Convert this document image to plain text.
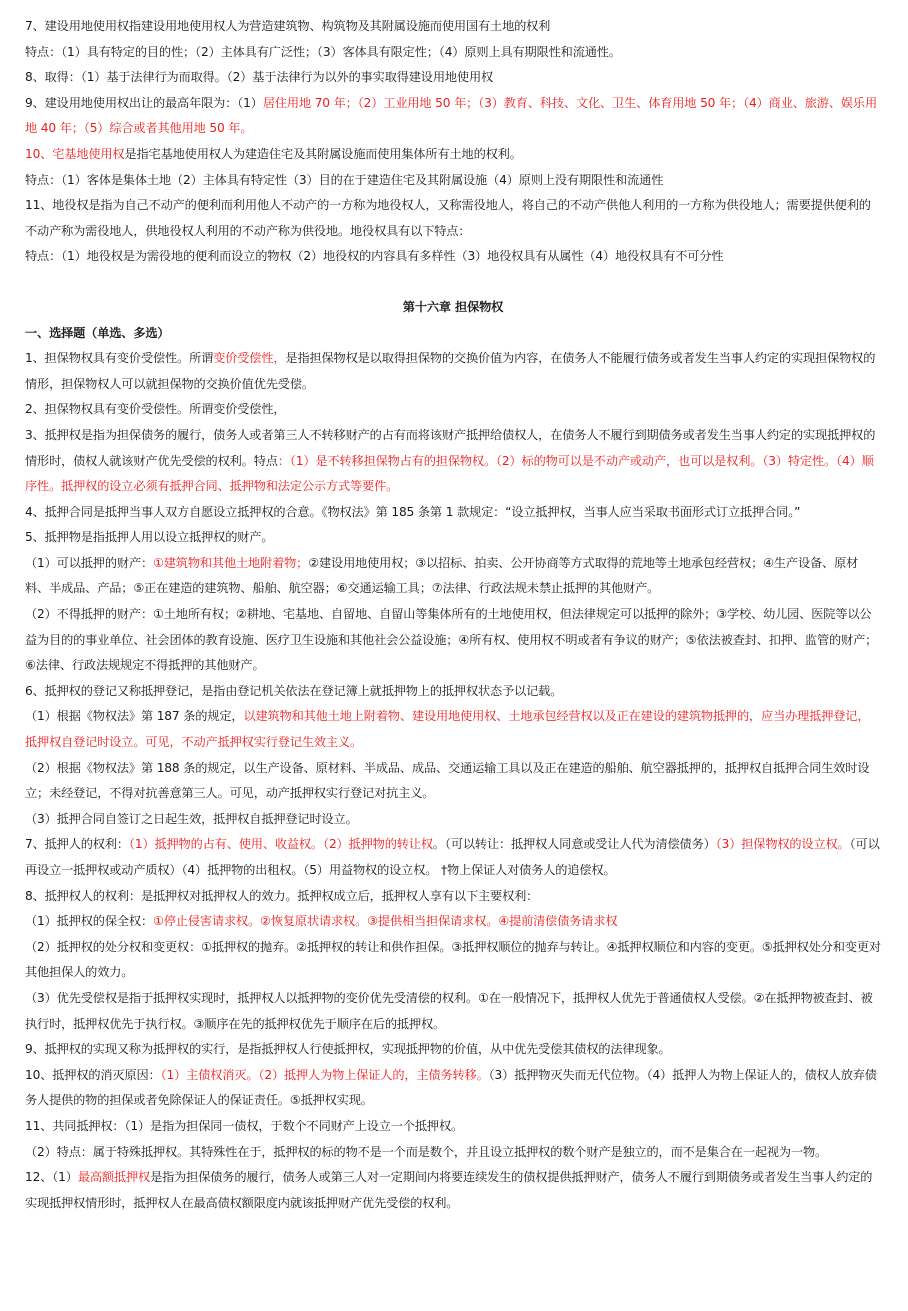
7、建设用地使用权指建设用地使用权人为营造建筑物、构筑物及其附属设施而使用国有土地的权利
特点：（1）具有特定的目的性；（2）主体具有广泛性；（3）客体具有限定性；（4）原则上具有期限性和流通性。
8、取得：（1）基于法律行为而取得。（2）基于法律行为以外的事实取得建设用地使用权
9、建设用地使用权出让的最高年限为：（1）居住用地 70 年；（2）工业用地 50 年；（3）教育、科技、文化、卫生、体育用地 50 年；（4）商业、旅游、娱乐用地 40 年；（5）综合或者其他用地 50 年。
10、宅基地使用权是指宅基地使用权人为建造住宅及其附属设施而使用集体所有土地的权利。
特点：（1）客体是集体土地（2）主体具有特定性（3）目的在于建造住宅及其附属设施（4）原则上没有期限性和流通性
11、地役权是指为自己不动产的便利而利用他人不动产的一方称为地役权人，又称需役地人，将自己的不动产供他人利用的一方称为供役地人；需要提供便利的不动产称为需役地人，供地役权人利用的不动产称为供役地。地役权具有以下特点：
特点：（1）地役权是为需役地的便利而设立的物权（2）地役权的内容具有多样性（3）地役权具有从属性（4）地役权具有不可分性
第十六章 担保物权
一、选择题（单选、多选）
1、担保物权具有变价受偿性。所谓变价受偿性，是指担保物权是以取得担保物的交换价值为内容，在债务人不能履行债务或者发生当事人约定的实现担保物权的情形，担保物权人可以就担保物的交换价值优先受偿。
2、担保物权具有变价受偿性。所谓变价受偿性，
3、抵押权是指为担保债务的履行，债务人或者第三人不转移财产的占有而将该财产抵押给债权人，在债务人不履行到期债务或者发生当事人约定的实现抵押权的情形时，债权人就该财产优先受偿的权利。特点：（1）是不转移担保物占有的担保物权。（2）标的物可以是不动产或动产，也可以是权利。（3）特定性。（4）顺序性。抵押权的设立必须有抵押合同、抵押物和法定公示方式等要件。
4、抵押合同是抵押当事人双方自愿设立抵押权的合意。《物权法》第 185 条第 1 款规定：“设立抵押权，当事人应当采取书面形式订立抵押合同。”
5、抵押物是指抵押人用以设立抵押权的财产。
（1）可以抵押的财产：①建筑物和其他土地附着物；②建设用地使用权；③以招标、拍卖、公开协商等方式取得的荒地等土地承包经营权；④生产设备、原材料、半成品、产品；⑤正在建造的建筑物、船舶、航空器；⑥交通运输工具；⑦法律、行政法规未禁止抵押的其他财产。
（2）不得抵押的财产：①土地所有权；②耕地、宅基地、自留地、自留山等集体所有的土地使用权，但法律规定可以抵押的除外；③学校、幼儿园、医院等以公益为目的的事业单位、社会团体的教育设施、医疗卫生设施和其他社会公益设施；④所有权、使用权不明或者有争议的财产；⑤依法被查封、扣押、监管的财产；⑥法律、行政法规规定不得抵押的其他财产。
6、抵押权的登记又称抵押登记，是指由登记机关依法在登记簿上就抵押物上的抵押权状态予以记载。
（1）根据《物权法》第 187 条的规定，以建筑物和其他土地上附着物、建设用地使用权、土地承包经营权以及正在建设的建筑物抵押的，应当办理抵押登记，抵押权自登记时设立。可见，不动产抵押权实行登记生效主义。
（2）根据《物权法》第 188 条的规定，以生产设备、原材料、半成品、成品、交通运输工具以及正在建造的船舶、航空器抵押的，抵押权自抵押合同生效时设立；未经登记，不得对抗善意第三人。可见，动产抵押权实行登记对抗主义。
（3）抵押合同自签订之日起生效，抵押权自抵押登记时设立。
7、抵押人的权利：（1）抵押物的占有、使用、收益权。（2）抵押物的转让权。（可以转让：抵押权人同意或受让人代为清偿债务）（3）担保物权的设立权。（可以再设立一抵押权或动产质权）（4）抵押物的出租权。（5）用益物权的设立权。 †物上保证人对债务人的追偿权。
8、抵押权人的权利：是抵押权对抵押权人的效力。抵押权成立后，抵押权人享有以下主要权利：
（1）抵押权的保全权：①停止侵害请求权。②恢复原状请求权。③提供相当担保请求权。④提前清偿债务请求权
（2）抵押权的处分权和变更权：①抵押权的抛弃。②抵押权的转让和供作担保。③抵押权顺位的抛弃与转让。④抵押权顺位和内容的变更。⑤抵押权处分和变更对其他担保人的效力。
（3）优先受偿权是指于抵押权实现时，抵押权人以抵押物的变价优先受清偿的权利。①在一般情况下，抵押权人优先于普通债权人受偿。②在抵押物被查封、被执行时，抵押权优先于执行权。③顺序在先的抵押权优先于顺序在后的抵押权。
9、抵押权的实现又称为抵押权的实行，是指抵押权人行使抵押权，实现抵押物的价值，从中优先受偿其债权的法律现象。
10、抵押权的消灭原因：（1）主债权消灭。（2）抵押人为物上保证人的，主债务转移。（3）抵押物灭失而无代位物。（4）抵押人为物上保证人的，债权人放弃债务人提供的物的担保或者免除保证人的保证责任。⑤抵押权实现。
11、共同抵押权：（1）是指为担保同一债权，于数个不同财产上设立一个抵押权。
（2）特点：属于特殊抵押权。其特殊性在于，抵押权的标的物不是一个而是数个，并且设立抵押权的数个财产是独立的，而不是集合在一起视为一物。
12、（1）最高额抵押权是指为担保债务的履行，债务人或第三人对一定期间内将要连续发生的债权提供抵押财产，债务人不履行到期债务或者发生当事人约定的实现抵押权情形时，抵押权人在最高债权额限度内就该抵押财产优先受偿的权利。
